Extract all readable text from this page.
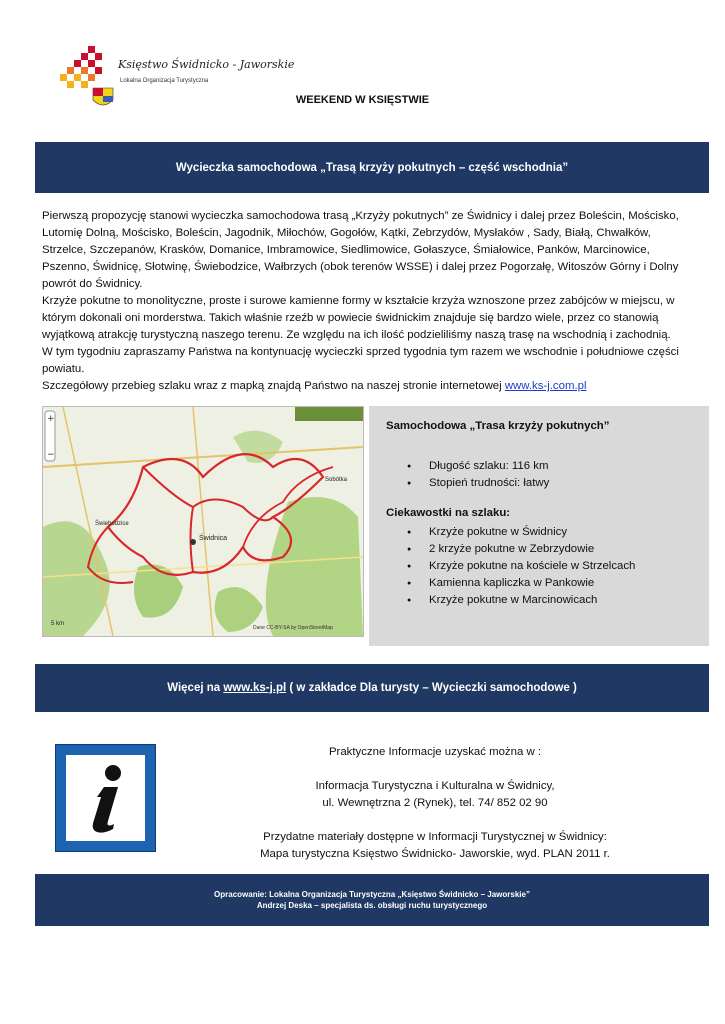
Księstwo Świdnicko - Jaworskie
Lokalna Organizacja Turystyczna
WEEKEND W KSIĘSTWIE
Wycieczka samochodowa „Trasą krzyży pokutnych – część wschodnia”

Pierwszą propozycję stanowi wycieczka samochodowa trasą „Krzyży pokutnych” ze Świdnicy i dalej przez Boleścin, Mościsko, Lutomię Dolną, Mościsko, Boleścin, Jagodnik, Miłochów, Gogołów, Kątki, Zebrzydów, Mysłaków , Sady, Białą, Chwałków, Strzelce, Szczepanów, Krasków, Domanice, Imbramowice, Siedlimowice, Gołaszyce, Śmiałowice, Panków, Marcinowice, Pszenno, Świdnicę, Słotwinę, Świebodzice, Wałbrzych (obok terenów WSSE) i dalej przez Pogorzałę, Witoszów Górny i Dolny powrót do Świdnicy.

Krzyże pokutne to monolityczne, proste i surowe kamienne formy w kształcie krzyża wznoszone przez zabójców w miejscu, w którym dokonali oni morderstwa. Takich właśnie rzeźb w powiecie świdnickim znajduje się bardzo wiele, przez co stanowią wyjątkową atrakcję turystyczną naszego terenu. Ze względu na ich ilość podzieliliśmy naszą trasę na wschodnią i zachodnią. W tym tygodniu zapraszamy Państwa na kontynuację wycieczki sprzed tygodnia tym razem we wschodnie i południowe części powiatu.

Szczegółowy przebieg szlaku wraz z mapką znajdą Państwo na naszej stronie internetowej www.ks-j.com.pl

Świdnica
Świebodzice
Sobótka
+
−
5 km
Dane CC-BY-SA by OpenStreetMap
Samochodowa „Trasa krzyży pokutnych”
● Długość szlaku: 116 km
● Stopień trudności: łatwy
Ciekawostki na szlaku:
● Krzyże pokutne w Świdnicy
● 2 krzyże pokutne w Zebrzydowie
● Krzyże pokutne na kościele w Strzelcach
● Kamienna kapliczka w Pankowie
● Krzyże pokutne w Marcinowicach
Więcej na www.ks-j.pl ( w zakładce Dla turysty – Wycieczki samochodowe )

Praktyczne Informacje uzyskać można w :

Informacja Turystyczna i Kulturalna w Świdnicy,

ul. Wewnętrzna 2 (Rynek), tel. 74/ 852 02 90

Przydatne materiały dostępne w Informacji Turystycznej w Świdnicy:

Mapa turystyczna Księstwo Świdnicko- Jaworskie, wyd. PLAN 2011 r.

Opracowanie: Lokalna Organizacja Turystyczna „Księstwo Świdnicko – Jaworskie”
Andrzej Deska – specjalista ds. obsługi ruchu turystycznego
